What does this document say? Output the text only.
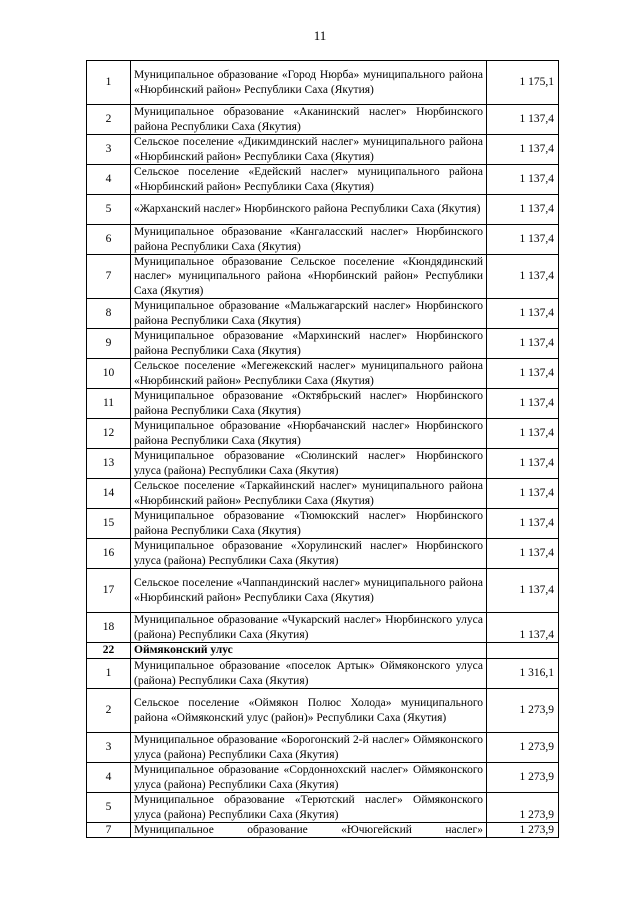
11
1	Муниципальное образование «Город Нюрба» муниципального района «Нюрбинский район» Республики Саха (Якутия)	1 175,1
2	Муниципальное образование «Аканинский наслег» Нюрбинского района Республики Саха (Якутия)	1 137,4
3	Сельское поселение «Дикимдинский наслег» муниципального района «Нюрбинский район» Республики Саха (Якутия)	1 137,4
4	Сельское поселение «Едейский наслег» муниципального района «Нюрбинский район» Республики Саха (Якутия)	1 137,4
5	«Жарханский наслег» Нюрбинского района Республики Саха (Якутия)	1 137,4
6	Муниципальное образование «Кангаласский наслег» Нюрбинского района Республики Саха (Якутия)	1 137,4
7	Муниципальное образование Сельское поселение «Кюндядинский наслег» муниципального района «Нюрбинский район» Республики Саха (Якутия)	1 137,4
8	Муниципальное образование «Мальжагарский наслег» Нюрбинского района Республики Саха (Якутия)	1 137,4
9	Муниципальное образование «Мархинский наслег» Нюрбинского района Республики Саха (Якутия)	1 137,4
10	Сельское поселение «Мегежекский наслег» муниципального района «Нюрбинский район» Республики Саха (Якутия)	1 137,4
11	Муниципальное образование «Октябрьский наслег» Нюрбинского района Республики Саха (Якутия)	1 137,4
12	Муниципальное образование «Нюрбачанский наслег» Нюрбинского района Республики Саха (Якутия)	1 137,4
13	Муниципальное образование «Сюлинский наслег» Нюрбинского улуса (района) Республики Саха (Якутия)	1 137,4
14	Сельское поселение «Таркайинский наслег» муниципального района «Нюрбинский район» Республики Саха (Якутия)	1 137,4
15	Муниципальное образование «Тюмюкский наслег» Нюрбинского района Республики Саха (Якутия)	1 137,4
16	Муниципальное образование «Хорулинский наслег» Нюрбинского улуса (района) Республики Саха (Якутия)	1 137,4
17	Сельское поселение «Чаппандинский наслег» муниципального района «Нюрбинский район» Республики Саха (Якутия)	1 137,4
18	Муниципальное образование «Чукарский наслег» Нюрбинского улуса (района) Республики Саха (Якутия)	1 137,4
22	Оймяконский улус	
1	Муниципальное образование «поселок Артык» Оймяконского улуса (района) Республики Саха (Якутия)	1 316,1
2	Сельское поселение «Оймякон Полюс Холода» муниципального района «Оймяконский улус (район)» Республики Саха (Якутия)	1 273,9
3	Муниципальное образование «Борогонский 2-й наслег» Оймяконского улуса (района) Республики Саха (Якутия)	1 273,9
4	Муниципальное образование «Сордоннохский наслег» Оймяконского улуса (района) Республики Саха (Якутия)	1 273,9
5	Муниципальное образование «Терютский наслег» Оймяконского улуса (района) Республики Саха (Якутия)	1 273,9
7	Муниципальное образование «Ючюгейский наслег»	1 273,9
